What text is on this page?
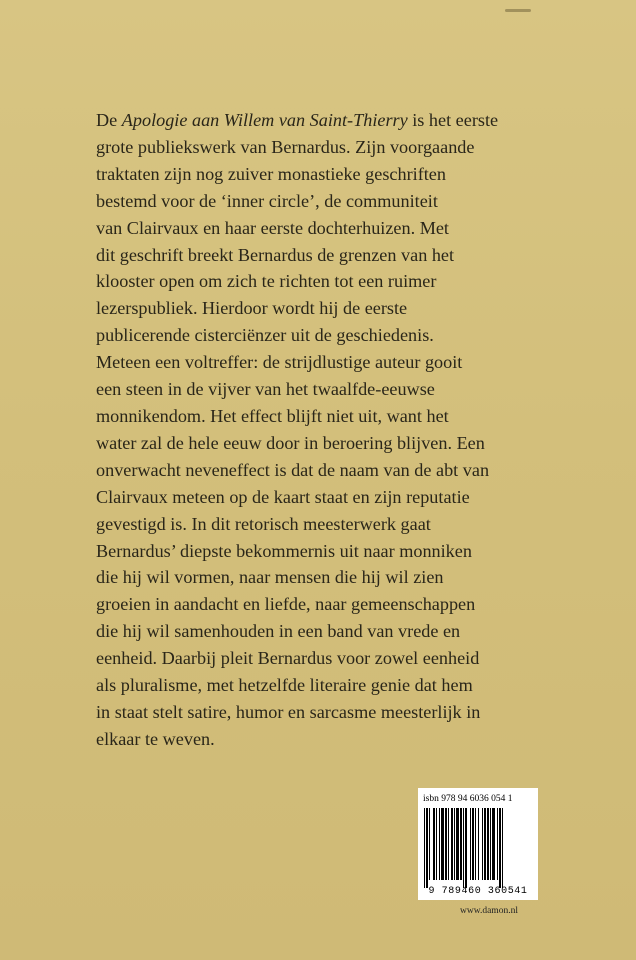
De Apologie aan Willem van Saint-Thierry is het eerste
grote publiekswerk van Bernardus. Zijn voorgaande
traktaten zijn nog zuiver monastieke geschriften
bestemd voor de ‘inner circle’, de communiteit
van Clairvaux en haar eerste dochterhuizen. Met
dit geschrift breekt Bernardus de grenzen van het
klooster open om zich te richten tot een ruimer
lezerspubliek. Hierdoor wordt hij de eerste
publicerende cisterciënzer uit de geschiedenis.
Meteen een voltreffer: de strijdlustige auteur gooit
een steen in de vijver van het twaalfde-eeuwse
monnikendom. Het effect blijft niet uit, want het
water zal de hele eeuw door in beroering blijven. Een
onverwacht neveneffect is dat de naam van de abt van
Clairvaux meteen op de kaart staat en zijn reputatie
gevestigd is. In dit retorisch meesterwerk gaat
Bernardus’ diepste bekommernis uit naar monniken
die hij wil vormen, naar mensen die hij wil zien
groeien in aandacht en liefde, naar gemeenschappen
die hij wil samenhouden in een band van vrede en
eenheid. Daarbij pleit Bernardus voor zowel eenheid
als pluralisme, met hetzelfde literaire genie dat hem
in staat stelt satire, humor en sarcasme meesterlijk in
elkaar te weven.

isbn 978 94 6036 054 1
9 789460 360541
www.damon.nl
